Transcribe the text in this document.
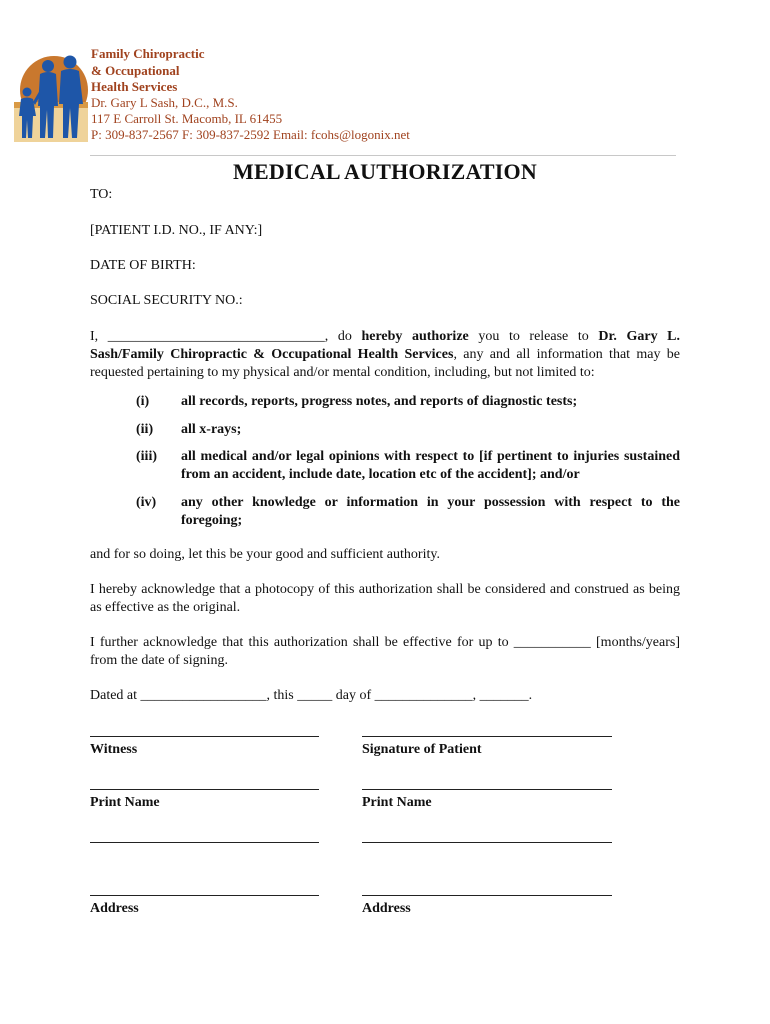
Family Chiropractic
& Occupational
Health Services
Dr. Gary L Sash, D.C., M.S.
117 E Carroll St. Macomb, IL 61455
P: 309-837-2567 F: 309-837-2592 Email: fcohs@logonix.net
MEDICAL AUTHORIZATION
TO:
[PATIENT I.D. NO., IF ANY:]
DATE OF BIRTH:
SOCIAL SECURITY NO.:
I, _______________________________, do hereby authorize you to release to Dr. Gary L. Sash/Family Chiropractic & Occupational Health Services, any and all information that may be requested pertaining to my physical and/or mental condition, including, but not limited to:
(i) all records, reports, progress notes, and reports of diagnostic tests;
(ii) all x-rays;
(iii) all medical and/or legal opinions with respect to [if pertinent to injuries sustained from an accident, include date, location etc of the accident]; and/or
(iv) any other knowledge or information in your possession with respect to the foregoing;
and for so doing, let this be your good and sufficient authority.
I hereby acknowledge that a photocopy of this authorization shall be considered and construed as being as effective as the original.
I further acknowledge that this authorization shall be effective for up to ___________ [months/years] from the date of signing.
Dated at __________________, this _____ day of ______________, _______.
Witness	Signature of Patient
Print Name	Print Name
Address	Address
